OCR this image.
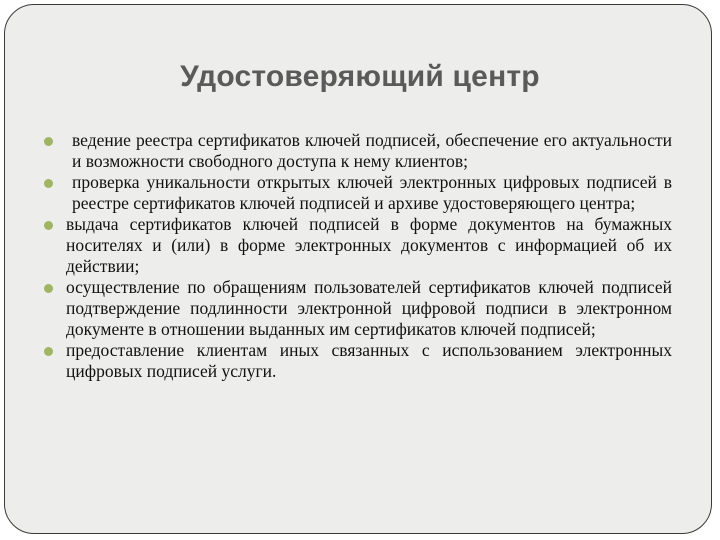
Удостоверяющий центр
ведение реестра сертификатов ключей подписей, обеспечение его актуальности и возможности свободного доступа к нему клиентов;
проверка уникальности открытых ключей электронных цифровых подписей в реестре сертификатов ключей подписей и архиве удостоверяющего центра;
выдача сертификатов ключей подписей в форме документов на бумажных носителях и (или) в форме электронных документов с информацией об их действии;
осуществление по обращениям пользователей сертификатов ключей подписей подтверждение подлинности электронной цифровой подписи в электронном документе в отношении выданных им сертификатов ключей подписей;
предоставление клиентам иных связанных с использованием электронных цифровых подписей услуги.
